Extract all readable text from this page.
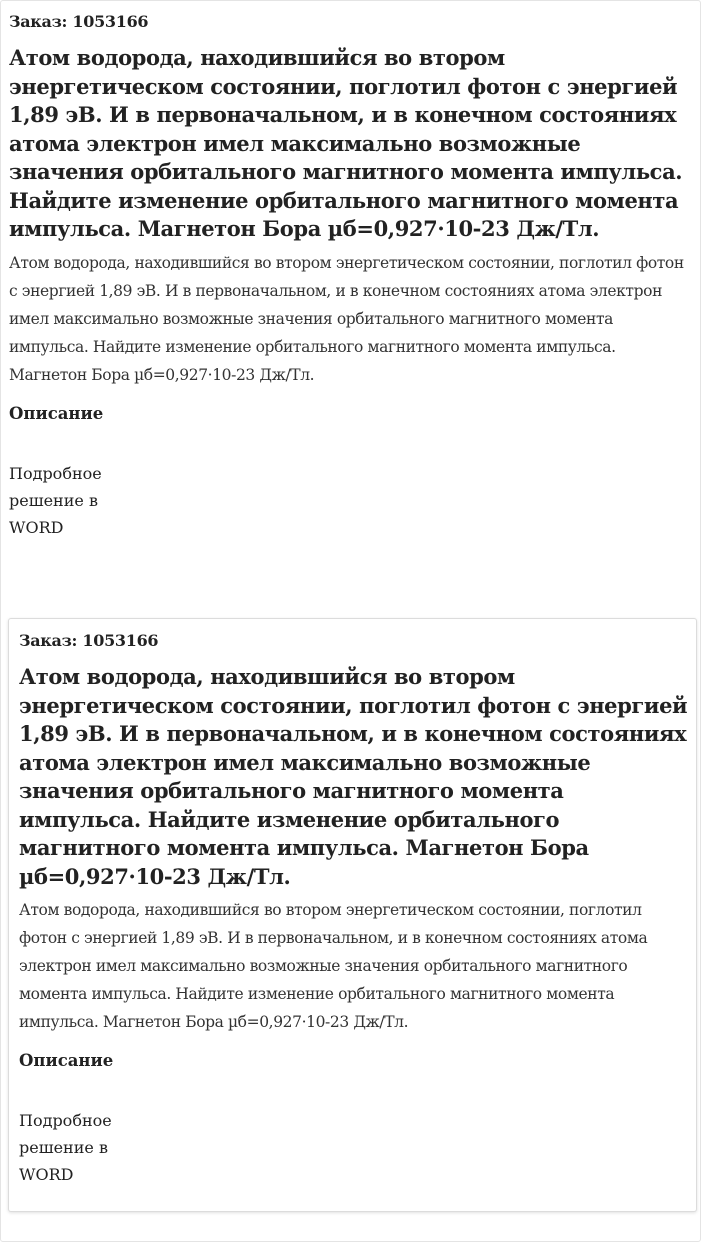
Заказ: 1053166

Атом водорода, находившийся во втором энергетическом состоянии, поглотил фотон с энергией 1,89 эВ. И в первоначальном, и в конечном состояниях атома электрон имел максимально возможные значения орбитального магнитного момента импульса. Найдите изменение орбитального магнитного момента импульса. Магнетон Бора µб=0,927·10-23 Дж/Тл.

Атом водорода, находившийся во втором энергетическом состоянии, поглотил фотон с энергией 1,89 эВ. И в первоначальном, и в конечном состояниях атома электрон имел максимально возможные значения орбитального магнитного момента импульса. Найдите изменение орбитального магнитного момента импульса. Магнетон Бора µб=0,927·10-23 Дж/Тл.

Описание

Подробное решение в WORD

Заказ: 1053166

Атом водорода, находившийся во втором энергетическом состоянии, поглотил фотон с энергией 1,89 эВ. И в первоначальном, и в конечном состояниях атома электрон имел максимально возможные значения орбитального магнитного момента импульса. Найдите изменение орбитального магнитного момента импульса. Магнетон Бора µб=0,927·10-23 Дж/Тл.

Атом водорода, находившийся во втором энергетическом состоянии, поглотил фотон с энергией 1,89 эВ. И в первоначальном, и в конечном состояниях атома электрон имел максимально возможные значения орбитального магнитного момента импульса. Найдите изменение орбитального магнитного момента импульса. Магнетон Бора µб=0,927·10-23 Дж/Тл.

Описание

Подробное решение в WORD
